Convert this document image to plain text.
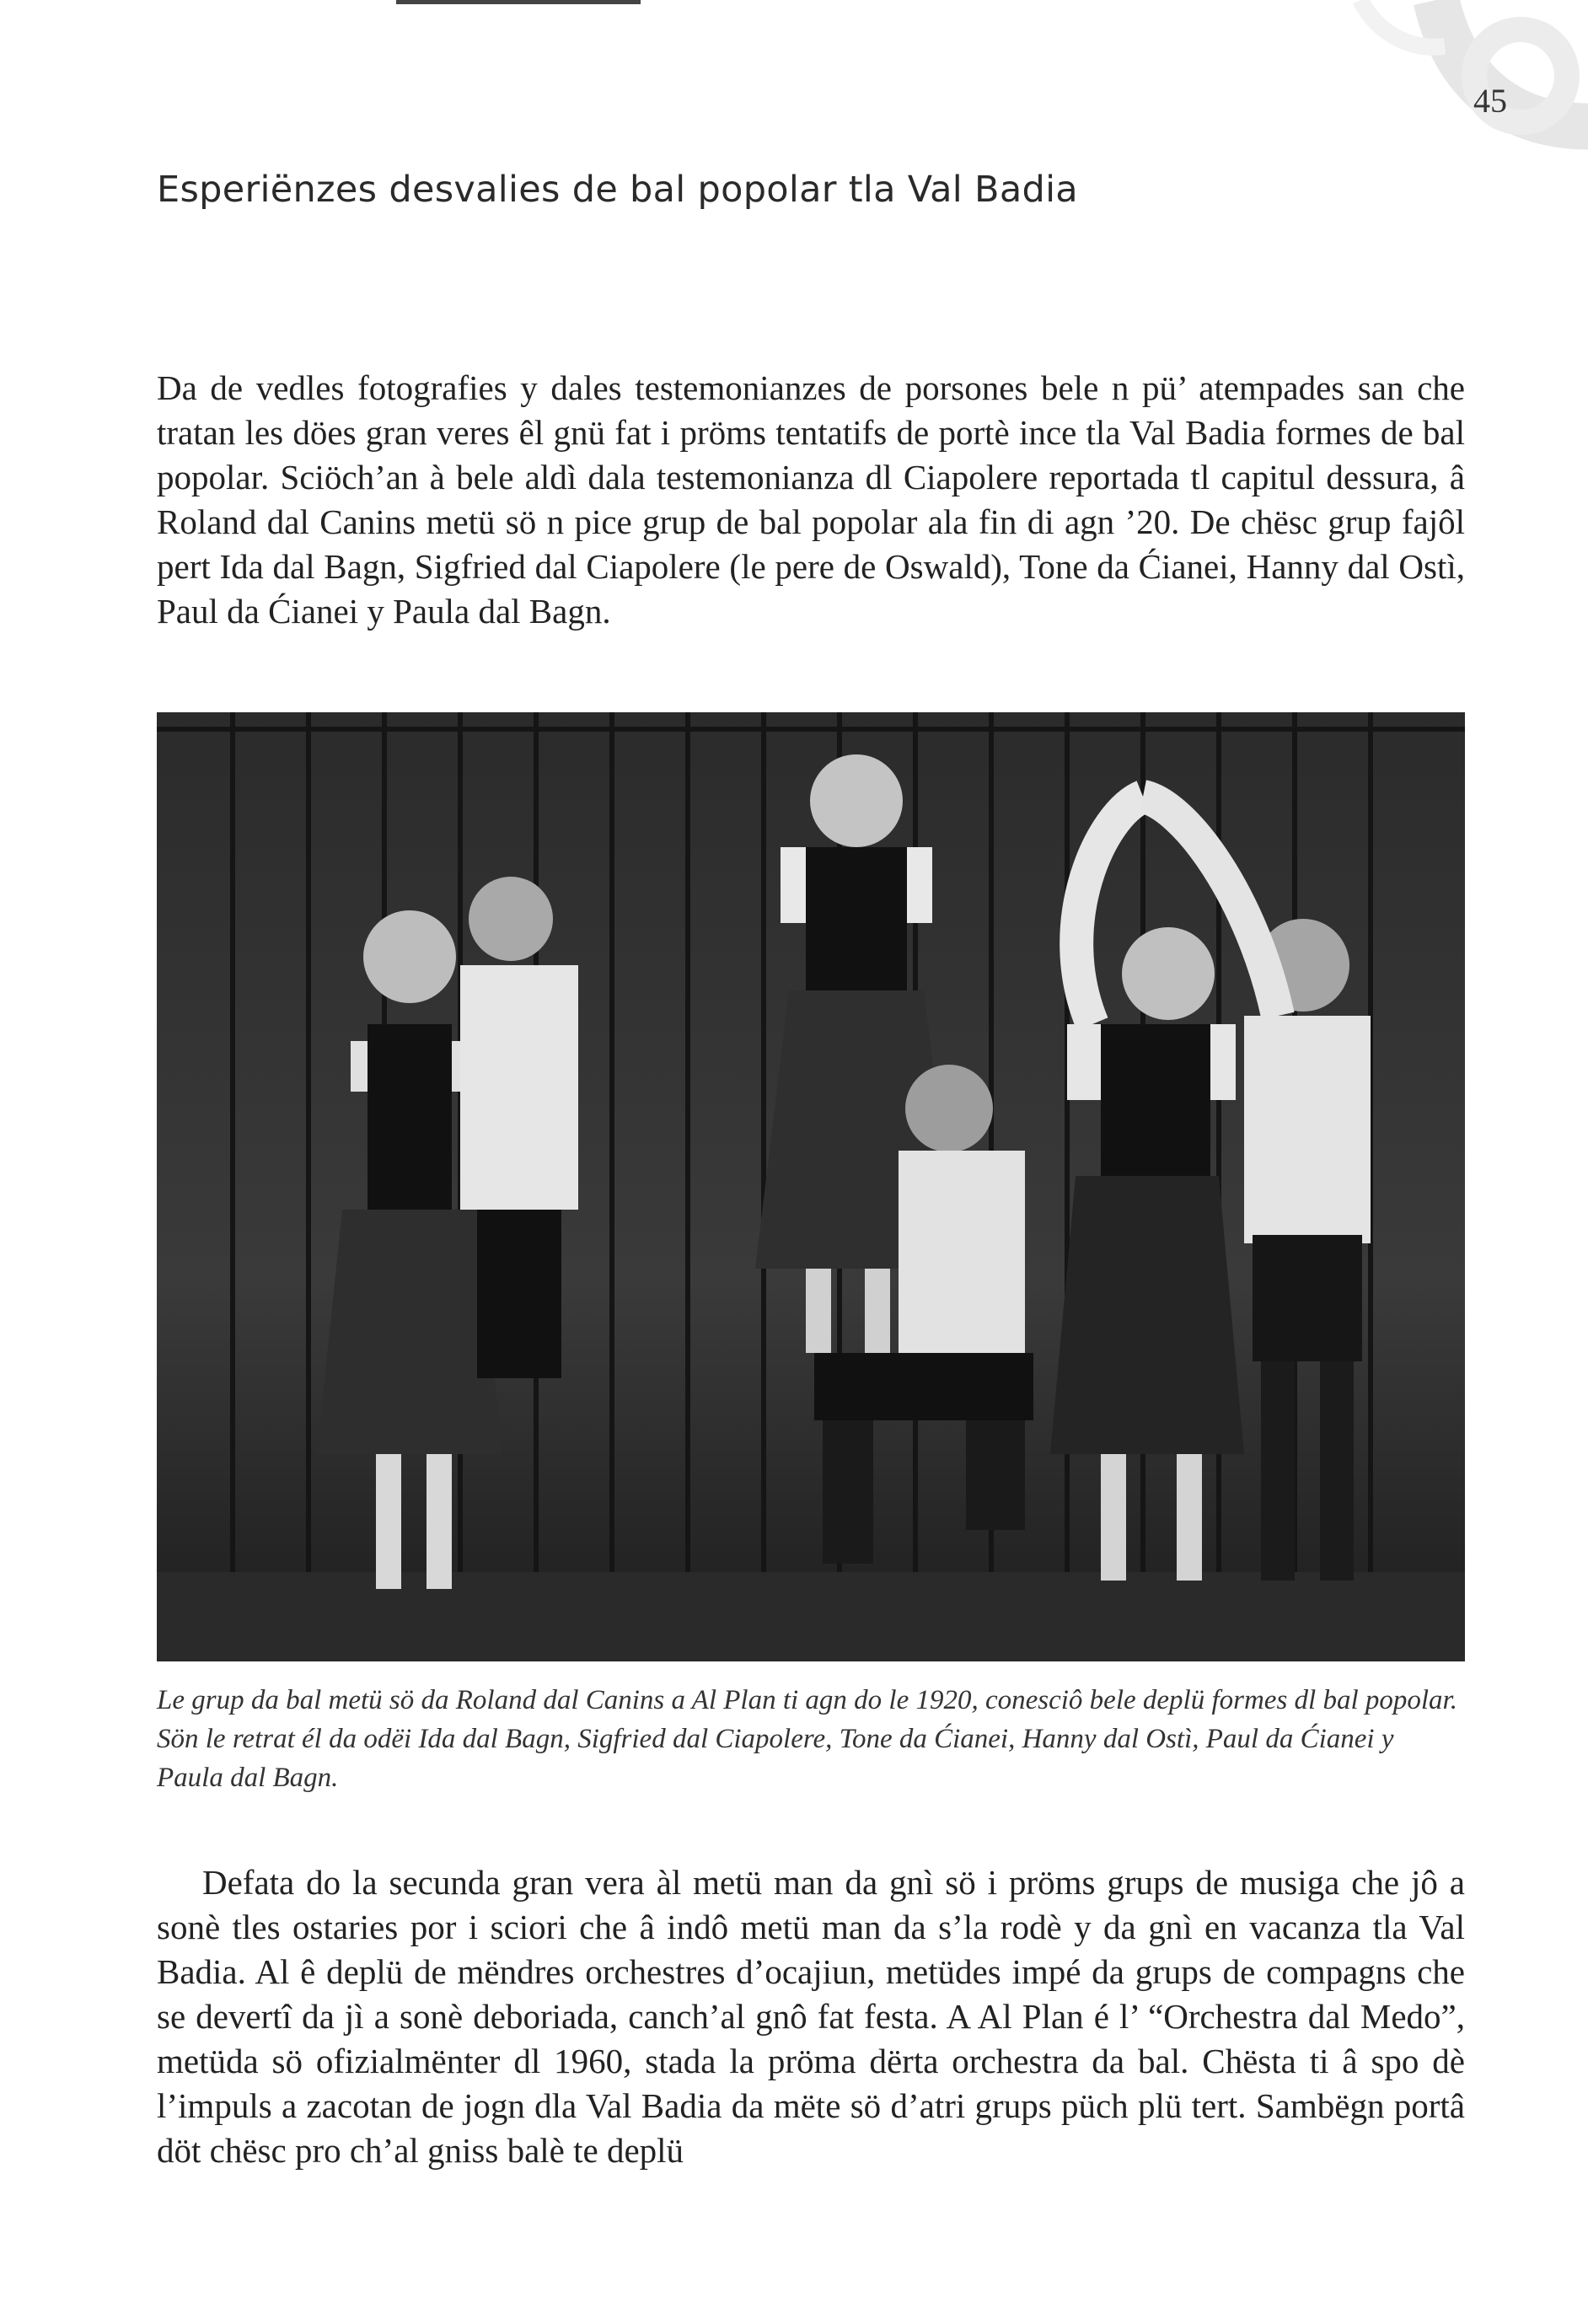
45
Esperiënzes desvalies de bal popolar tla Val Badia

Da de vedles fotografies y dales testemonianzes de porsones bele n pü’ atempades san che tratan les döes gran veres êl gnü fat i pröms tentatifs de portè ince tla Val Badia formes de bal popolar. Sciöch’an à bele aldì dala testemonianza dl Ciapolere reportada tl capitul dessura, â Roland dal Canins metü sö n pice grup de bal popolar ala fin di agn ’20. De chësc grup fajôl pert Ida dal Bagn, Sigfried dal Ciapolere (le pere de Oswald), Tone da Ćianei, Hanny dal Ostì, Paul da Ćianei y Paula dal Bagn.

Le grup da bal metü sö da Roland dal Canins a Al Plan ti agn do le 1920, conesciô bele deplü formes dl bal popolar. Sön le retrat él da odëi Ida dal Bagn, Sigfried dal Ciapolere, Tone da Ćianei, Hanny dal Ostì, Paul da Ćianei y Paula dal Bagn.

Defata do la secunda gran vera àl metü man da gnì sö i pröms grups de musiga che jô a sonè tles ostaries por i sciori che â indô metü man da s’la rodè y da gnì en vacanza tla Val Badia. Al ê deplü de mëndres orchestres d’ocajiun, metüdes impé da grups de compagns che se devertî da jì a sonè deboriada, canch’al gnô fat festa. A Al Plan é l’ “Orchestra dal Medo”, metüda sö ofizialmënter dl 1960, stada la pröma dërta orchestra da bal. Chësta ti â spo dè l’impuls a zacotan de jogn dla Val Badia da mëte sö d’atri grups püch plü tert. Sambëgn portâ döt chësc pro ch’al gniss balè te deplü
